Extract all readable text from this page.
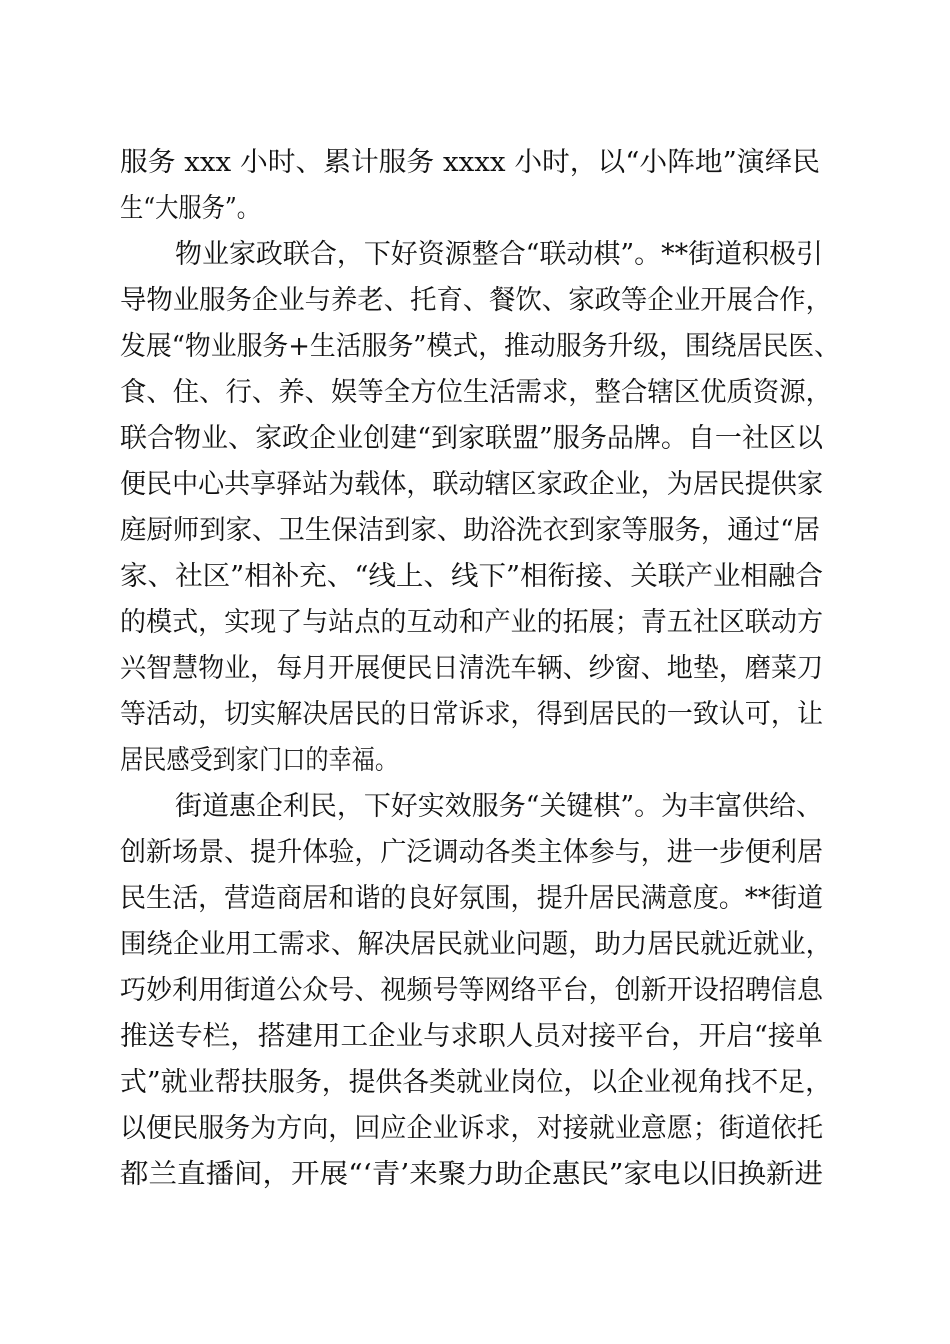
服务 xxx 小时、累计服务 xxxx 小时，以“小阵地”演绎民
生“大服务”。
物业家政联合，下好资源整合“联动棋”。**街道积极引
导物业服务企业与养老、托育、餐饮、家政等企业开展合作，
发展“物业服务+生活服务”模式，推动服务升级，围绕居民医、
食、住、行、养、娱等全方位生活需求，整合辖区优质资源，
联合物业、家政企业创建“到家联盟”服务品牌。自一社区以
便民中心共享驿站为载体，联动辖区家政企业，为居民提供家
庭厨师到家、卫生保洁到家、助浴洗衣到家等服务，通过“居
家、社区”相补充、“线上、线下”相衔接、关联产业相融合
的模式，实现了与站点的互动和产业的拓展；青五社区联动方
兴智慧物业，每月开展便民日清洗车辆、纱窗、地垫，磨菜刀
等活动，切实解决居民的日常诉求，得到居民的一致认可，让
居民感受到家门口的幸福。
街道惠企利民，下好实效服务“关键棋”。为丰富供给、
创新场景、提升体验，广泛调动各类主体参与，进一步便利居
民生活，营造商居和谐的良好氛围，提升居民满意度。**街道
围绕企业用工需求、解决居民就业问题，助力居民就近就业，
巧妙利用街道公众号、视频号等网络平台，创新开设招聘信息
推送专栏，搭建用工企业与求职人员对接平台，开启“接单
式”就业帮扶服务，提供各类就业岗位，以企业视角找不足，
以便民服务为方向，回应企业诉求，对接就业意愿；街道依托
都兰直播间，开展“‘青’来聚力助企惠民”家电以旧换新进
